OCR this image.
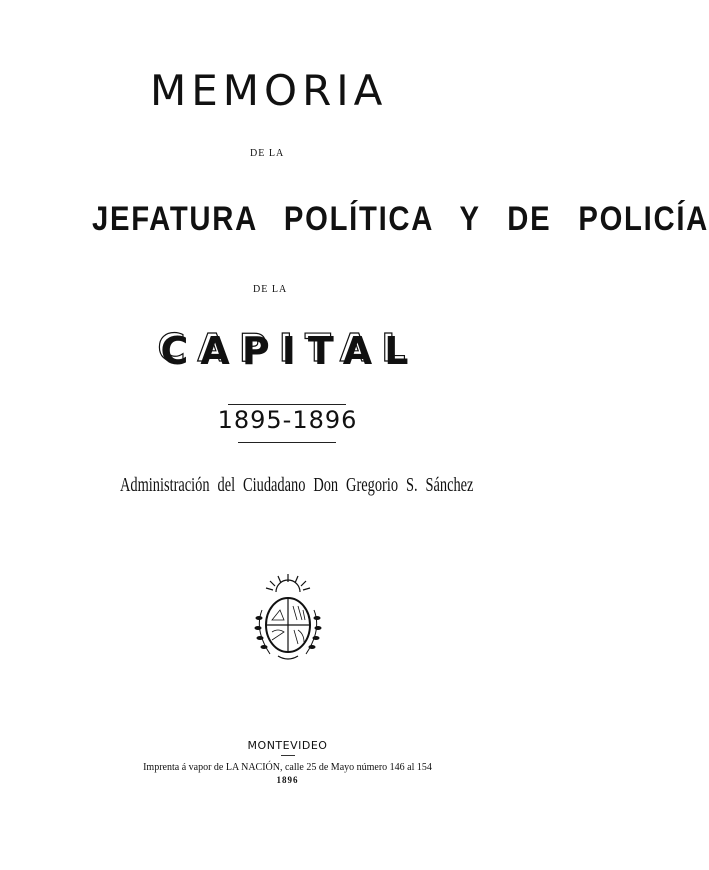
MEMORIA
DE LA
JEFATURA POLÍTICA Y DE POLICÍA
DE LA
CAPITAL
1895-1896
Administración del Ciudadano Don Gregorio S. Sánchez
MONTEVIDEO
Imprenta á vapor de LA NACIÓN, calle 25 de Mayo número 146 al 154
1896
